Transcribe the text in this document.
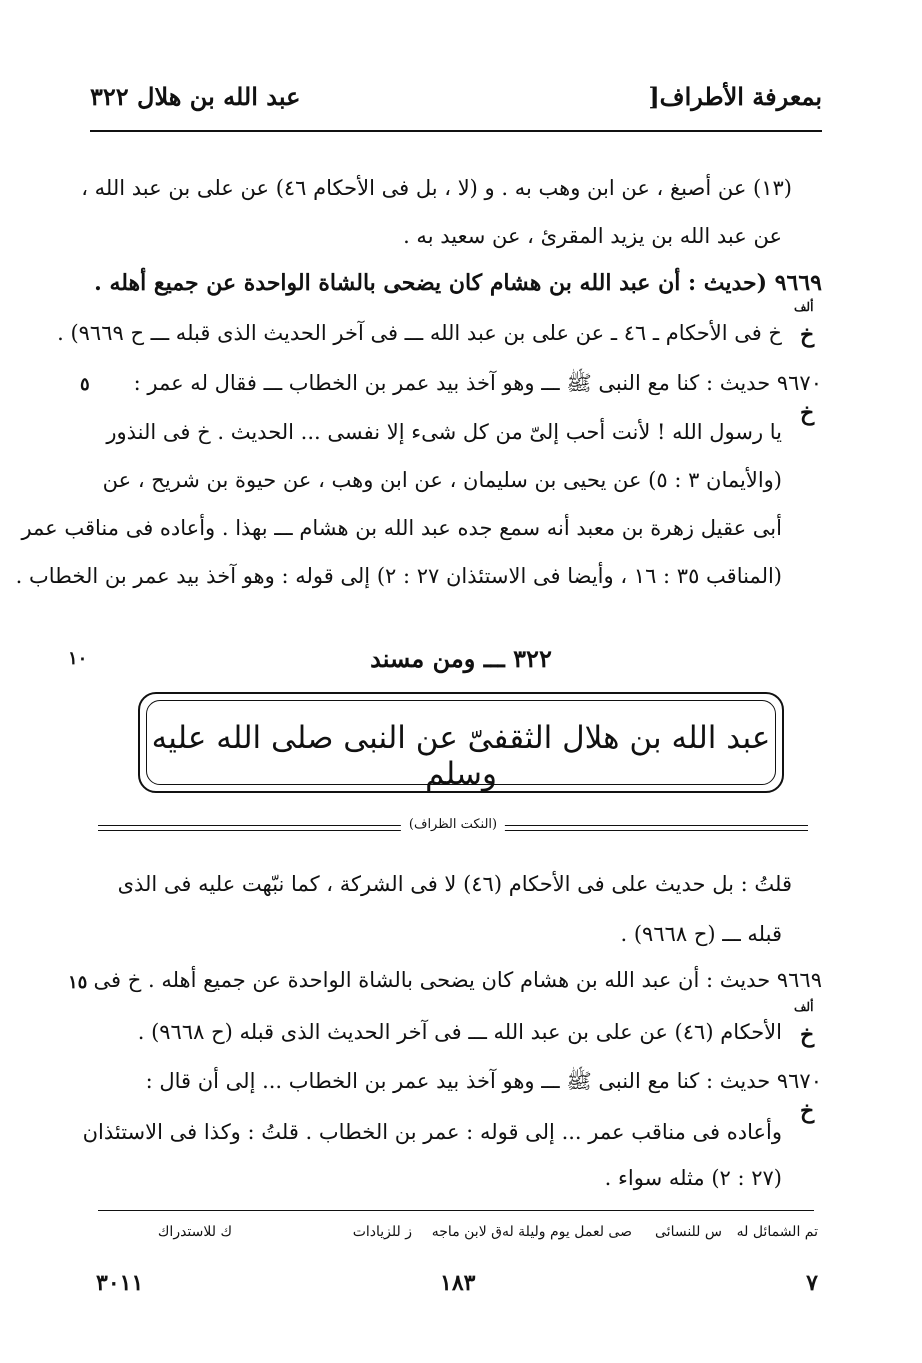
بمعرفة الأطراف[
عبد الله بن هلال ٣٢٢
(١٣) عن أصبغ ، عن ابن وهب به . و (لا ، بل فى الأحكام ٤٦) عن على بن عبد الله ،
عن عبد الله بن يزيد المقرئ ، عن سعيد به .
٩٦٦٩ (حديث : أن عبد الله بن هشام كان يضحى بالشاة الواحدة عن جميع أهله .
ألف
خ
خ فى الأحكام ـ ٤٦ ـ عن على بن عبد الله ـــ فى آخر الحديث الذى قبله ـــ ح ٩٦٦٩) .
٥ ٩٦٧٠ حديث : كنا مع النبى ﷺ ـــ وهو آخذ بيد عمر بن الخطاب ـــ فقال له عمر :
خ
يا رسول الله ! لأنت أحب إلىّ من كل شىء إلا نفسى ... الحديث . خ فى النذور
(والأيمان ٣ : ٥) عن يحيى بن سليمان ، عن ابن وهب ، عن حيوة بن شريح ، عن
أبى عقيل زهرة بن معبد أنه سمع جده عبد الله بن هشام ـــ بهذا . وأعاده فى مناقب عمر
(المناقب ٣٥ : ١٦ ، وأيضا فى الاستئذان ٢٧ : ٢) إلى قوله : وهو آخذ بيد عمر بن الخطاب .
١٠	٣٢٢ ـــ ومن مسند
عبد الله بن هلال الثقفىّ عن النبى صلى الله عليه وسلم
(النكت الظراف)
قلتُ : بل حديث على فى الأحكام (٤٦) لا فى الشركة ، كما نبّهت عليه فى الذى
قبله ـــ (ح ٩٦٦٨) .
١٥ ٩٦٦٩ حديث : أن عبد الله بن هشام كان يضحى بالشاة الواحدة عن جميع أهله . خ فى
ألف
خ
الأحكام (٤٦) عن على بن عبد الله ـــ فى آخر الحديث الذى قبله (ح ٩٦٦٨) .
٩٦٧٠ حديث : كنا مع النبى ﷺ ـــ وهو آخذ بيد عمر بن الخطاب ... إلى أن قال :
خ
وأعاده فى مناقب عمر ... إلى قوله : عمر بن الخطاب . قلتُ : وكذا فى الاستئذان
(٢٧ : ٢) مثله سواء .
تم الشمائل له
س للنسائى
صى لعمل يوم وليلة له
ق لابن ماجه
ز للزيادات
ك للاستدراك
٧
١٨٣
٣٠١١
